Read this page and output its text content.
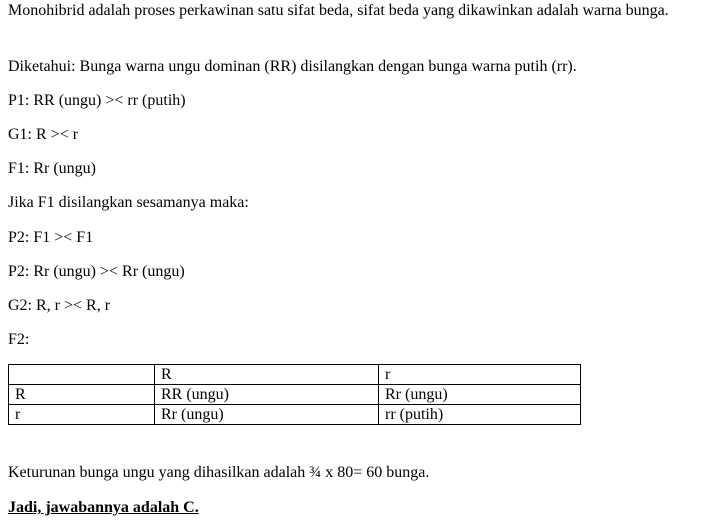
Monohibrid adalah proses perkawinan satu sifat beda, sifat beda yang dikawinkan adalah warna bunga.

Diketahui: Bunga warna ungu dominan (RR) disilangkan dengan bunga warna putih (rr).
P1: RR (ungu) >< rr (putih)
G1: R >< r
F1: Rr (ungu)
Jika F1 disilangkan sesamanya maka:
P2: F1 >< F1
P2: Rr (ungu) >< Rr (ungu)
G2: R, r >< R, r
F2:
	R	r
R	RR (ungu)	Rr (ungu)
r	Rr (ungu)	rr (putih)
Keturunan bunga ungu yang dihasilkan adalah ¾ x 80= 60 bunga.
Jadi, jawabannya adalah C.
